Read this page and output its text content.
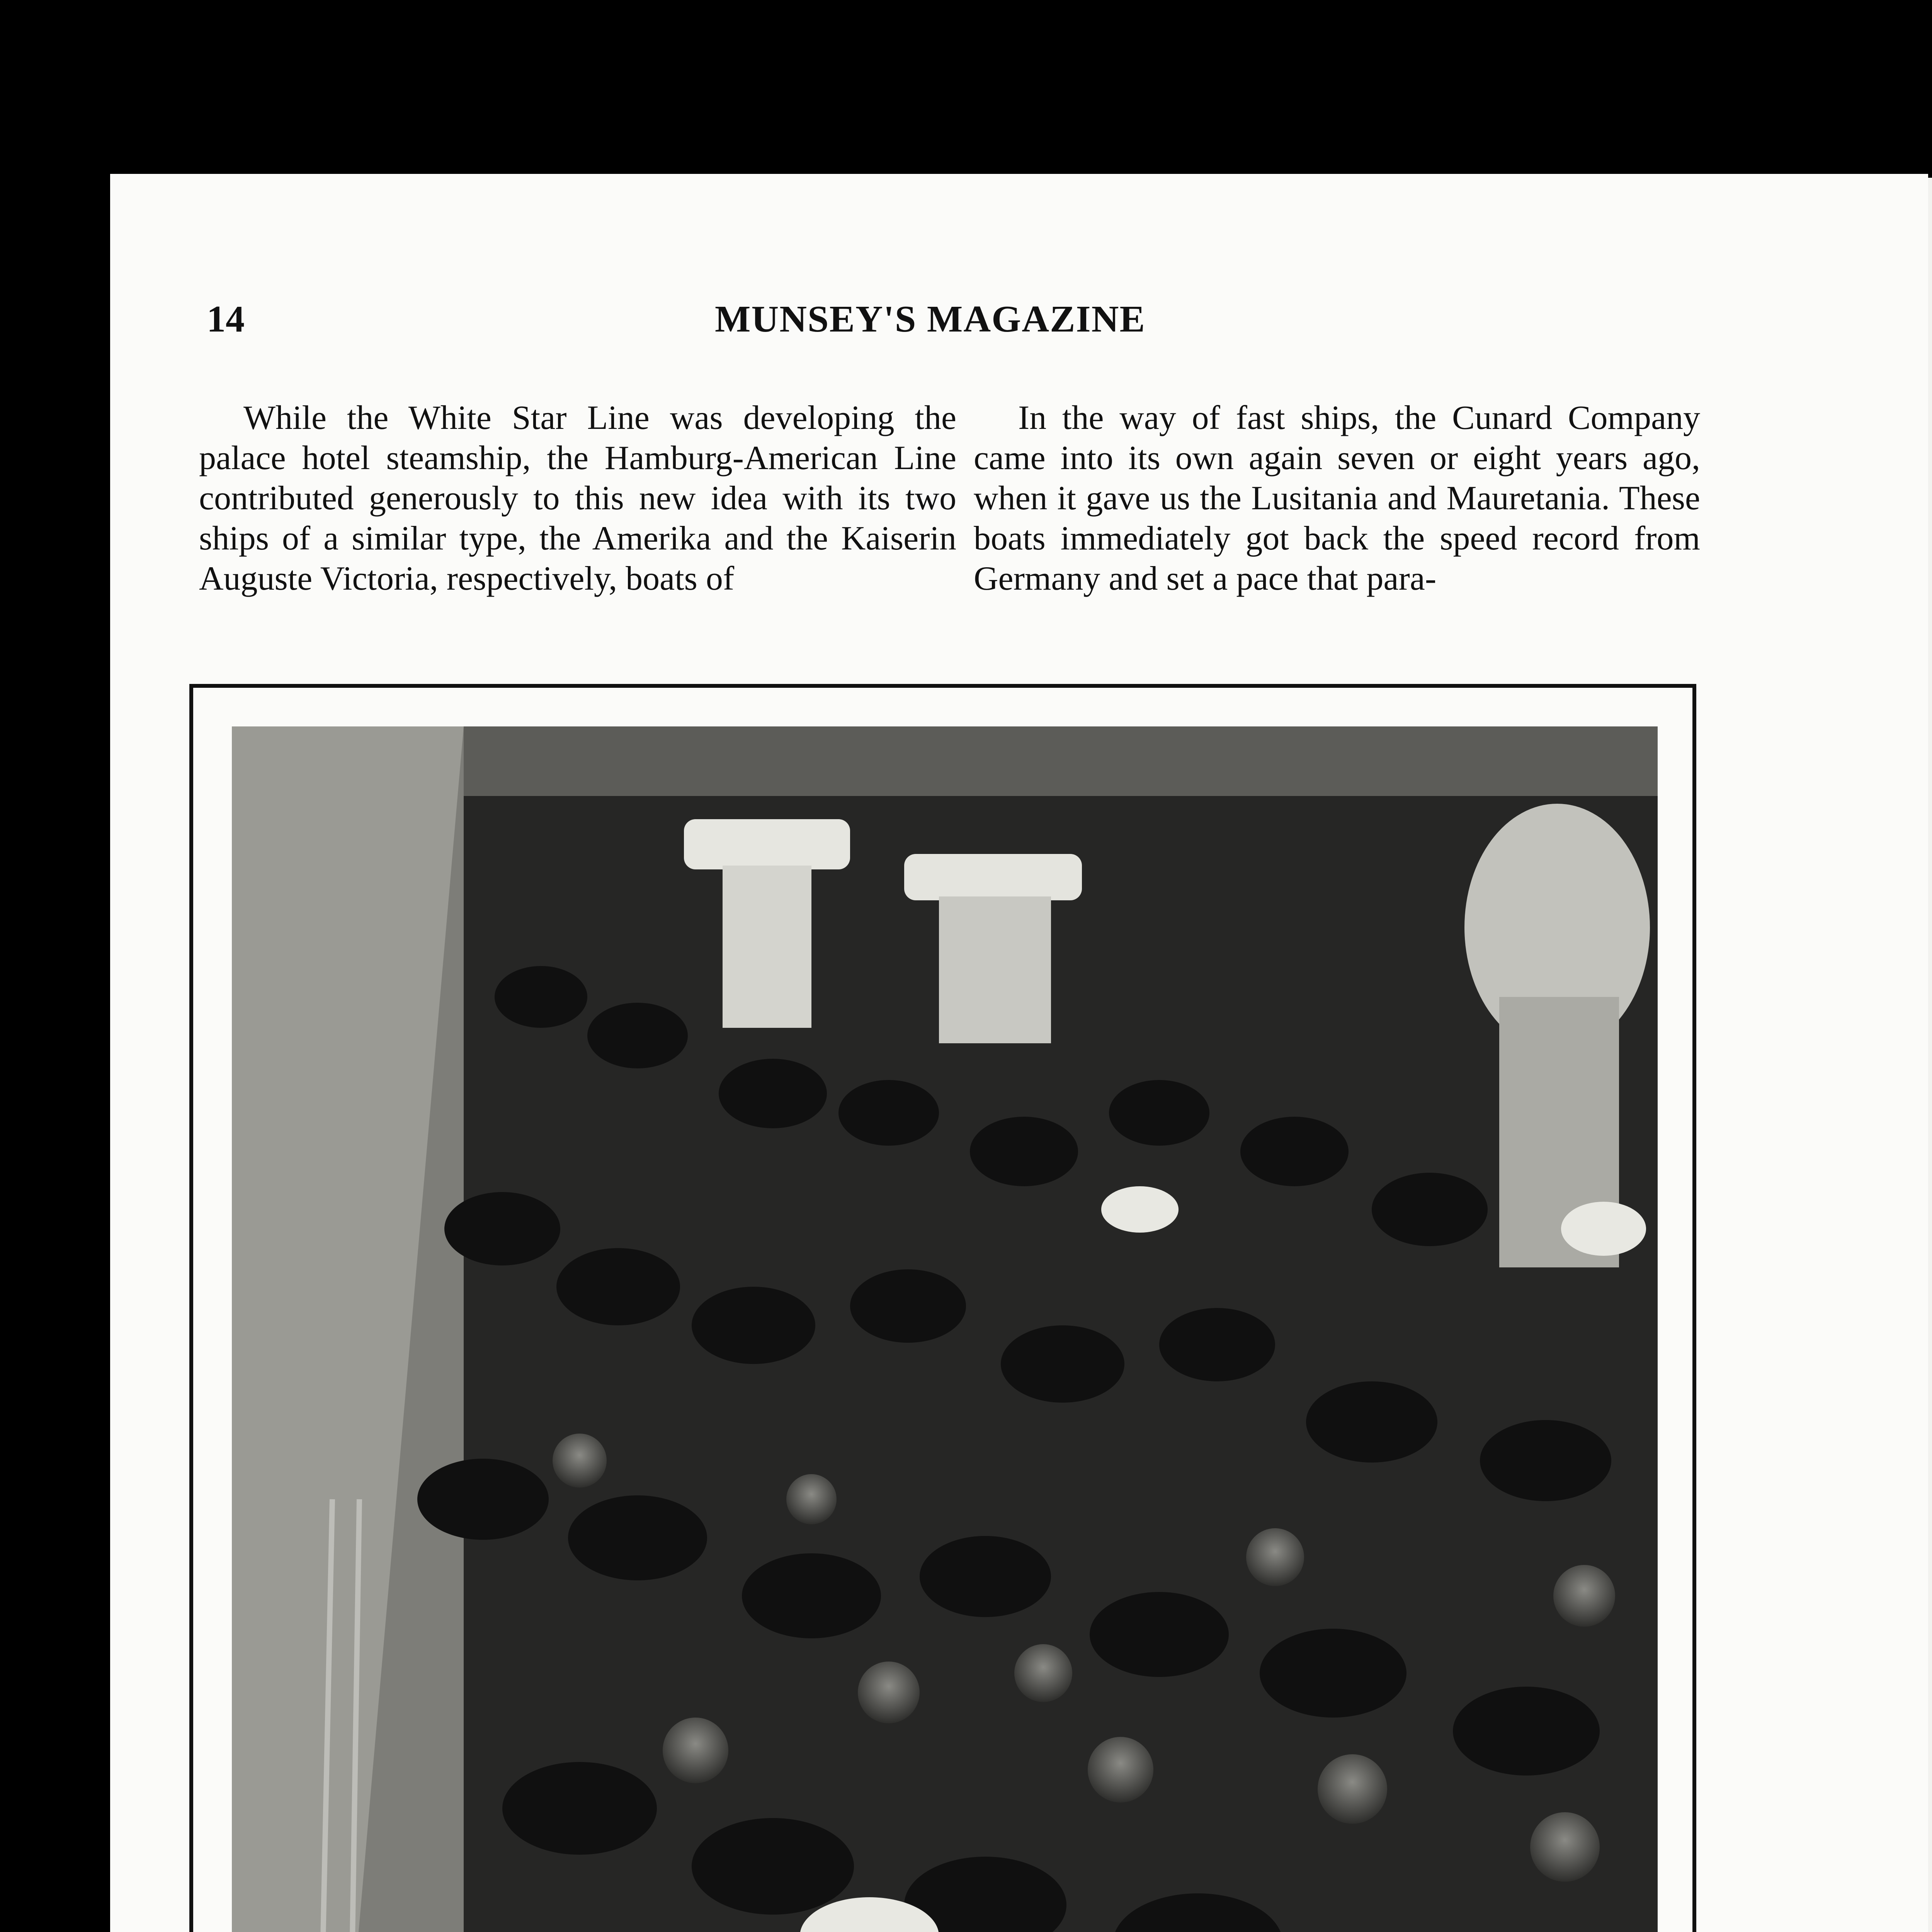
14	MUNSEY'S MAGAZINE

While the White Star Line was developing the palace hotel steamship, the Hamburg-American Line contributed generously to this new idea with its two ships of a similar type, the Amerika and the Kaiserin Auguste Victoria, respectively, boats of

In the way of fast ships, the Cunard Company came into its own again seven or eight years ago, when it gave us the Lusitania and Mauretania. These boats immediately got back the speed record from Germany and set a pace that para-
